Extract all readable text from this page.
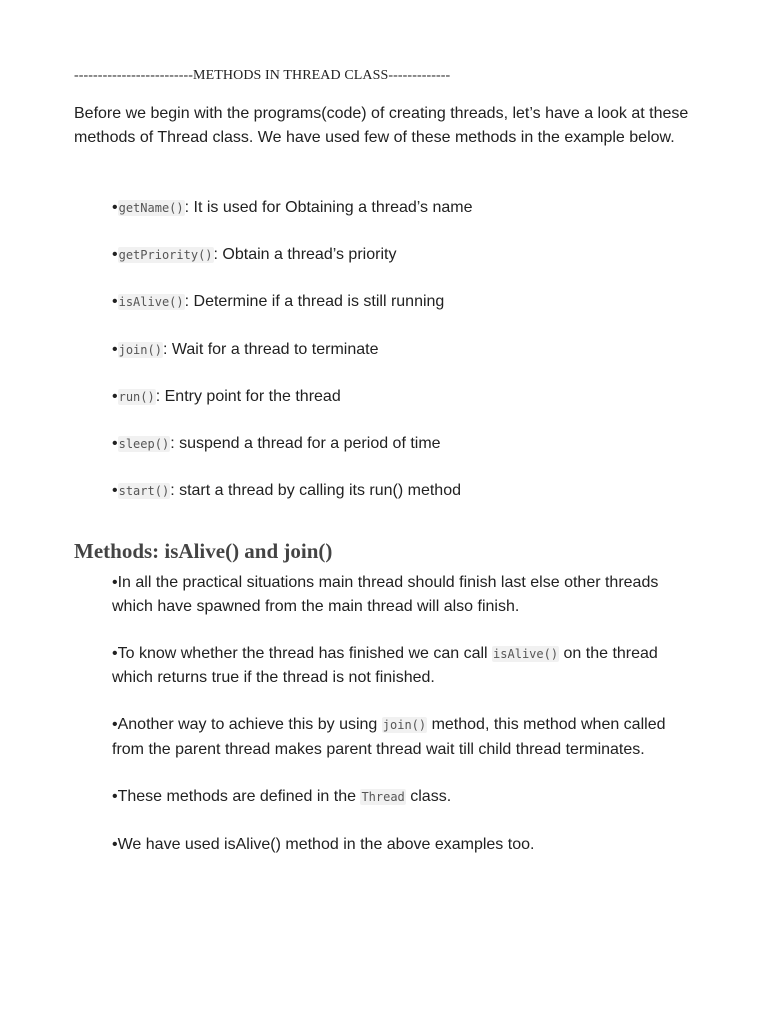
-------------------------METHODS IN THREAD CLASS-------------

Before we begin with the programs(code) of creating threads, let’s have a look at these methods of Thread class. We have used few of these methods in the example below.

•getName(): It is used for Obtaining a thread’s name
•getPriority(): Obtain a thread’s priority
•isAlive(): Determine if a thread is still running
•join(): Wait for a thread to terminate
•run(): Entry point for the thread
•sleep(): suspend a thread for a period of time
•start(): start a thread by calling its run() method
Methods: isAlive() and join()
•In all the practical situations main thread should finish last else other threads which have spawned from the main thread will also finish.
•To know whether the thread has finished we can call isAlive() on the thread which returns true if the thread is not finished.
•Another way to achieve this by using join() method, this method when called from the parent thread makes parent thread wait till child thread terminates.
•These methods are defined in the Thread class.
•We have used isAlive() method in the above examples too.
